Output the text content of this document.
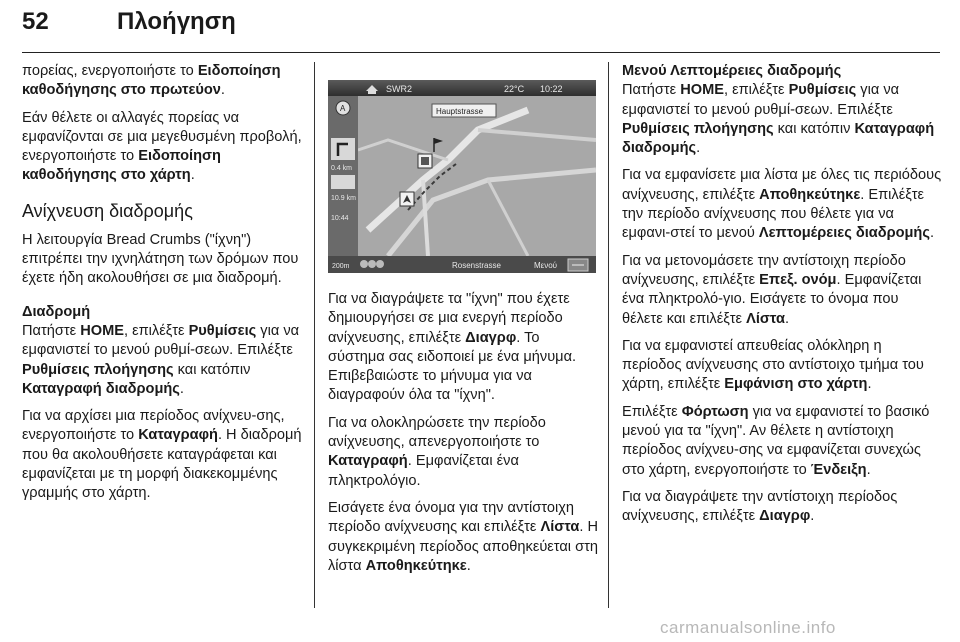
52	Πλοήγηση

πορείας, ενεργοποιήστε το Ειδοποίηση καθοδήγησης στο πρωτεύον.

Εάν θέλετε οι αλλαγές πορείας να εμφανίζονται σε μια μεγεθυσμένη προβολή, ενεργοποιήστε το Ειδοποίηση καθοδήγησης στο χάρτη.

Ανίχνευση διαδρομής

Η λειτουργία Bread Crumbs ("ίχνη") επιτρέπει την ιχνηλάτηση των δρόμων που έχετε ήδη ακολουθήσει σε μια διαδρομή.

Διαδρομή

Πατήστε HOME, επιλέξτε Ρυθμίσεις για να εμφανιστεί το μενού ρυθμί-σεων. Επιλέξτε Ρυθμίσεις πλοήγησης και κατόπιν Καταγραφή διαδρομής.

Για να αρχίσει μια περίοδος ανίχνευ-σης, ενεργοποιήστε το Καταγραφή. Η διαδρομή που θα ακολουθήσετε καταγράφεται και εμφανίζεται με τη μορφή διακεκομμένης γραμμής στο χάρτη.

SWR2	22°C 10:22
Hauptstrasse
A
0.4 km
10.9 km
10:44
200m	Rosenstrasse	Μενού

Για να διαγράψετε τα "ίχνη" που έχετε δημιουργήσει σε μια ενεργή περίοδο ανίχνευσης, επιλέξτε Διαγρφ. Το σύστημα σας ειδοποιεί με ένα μήνυμα. Επιβεβαιώστε το μήνυμα για να διαγραφούν όλα τα "ίχνη".

Για να ολοκληρώσετε την περίοδο ανίχνευσης, απενεργοποιήστε το Καταγραφή. Εμφανίζεται ένα πληκτρολόγιο.

Εισάγετε ένα όνομα για την αντίστοιχη περίοδο ανίχνευσης και επιλέξτε Λίστα. Η συγκεκριμένη περίοδος αποθηκεύεται στη λίστα Αποθηκεύτηκε.

Μενού Λεπτομέρειες διαδρομής

Πατήστε HOME, επιλέξτε Ρυθμίσεις για να εμφανιστεί το μενού ρυθμί-σεων. Επιλέξτε Ρυθμίσεις πλοήγησης και κατόπιν Καταγραφή διαδρομής.

Για να εμφανίσετε μια λίστα με όλες τις περιόδους ανίχνευσης, επιλέξτε Αποθηκεύτηκε. Επιλέξτε την περίοδο ανίχνευσης που θέλετε για να εμφανι-στεί το μενού Λεπτομέρειες διαδρομής.

Για να μετονομάσετε την αντίστοιχη περίοδο ανίχνευσης, επιλέξτε Επεξ. ονόμ. Εμφανίζεται ένα πληκτρολό-γιο. Εισάγετε το όνομα που θέλετε και επιλέξτε Λίστα.

Για να εμφανιστεί απευθείας ολόκληρη η περίοδος ανίχνευσης στο αντίστοιχο τμήμα του χάρτη, επιλέξτε Εμφάνιση στο χάρτη.

Επιλέξτε Φόρτωση για να εμφανιστεί το βασικό μενού για τα "ίχνη". Αν θέλετε η αντίστοιχη περίοδος ανίχνευ-σης να εμφανίζεται συνεχώς στο χάρτη, ενεργοποιήστε το Ένδειξη.

Για να διαγράψετε την αντίστοιχη περίοδος ανίχνευσης, επιλέξτε Διαγρφ.

carmanualsonline.info
